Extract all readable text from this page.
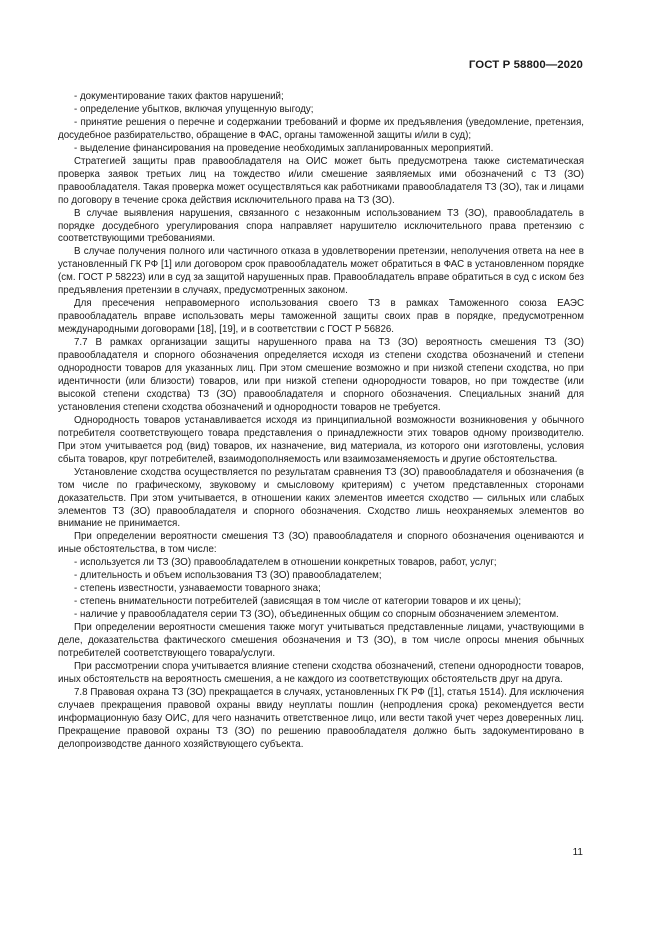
ГОСТ Р 58800—2020

- документирование таких фактов нарушений;

- определение убытков, включая упущенную выгоду;

- принятие решения о перечне и содержании требований и форме их предъявления (уведомление, претензия, досудебное разбирательство, обращение в ФАС, органы таможенной защиты и/или в суд);

- выделение финансирования на проведение необходимых запланированных мероприятий.

Стратегией защиты прав правообладателя на ОИС может быть предусмотрена также систематическая проверка заявок третьих лиц на тождество и/или смешение заявляемых ими обозначений с ТЗ (ЗО) правообладателя. Такая проверка может осуществляться как работниками правообладателя ТЗ (ЗО), так и лицами по договору в течение срока действия исключительного права на ТЗ (ЗО).

В случае выявления нарушения, связанного с незаконным использованием ТЗ (ЗО), правообладатель в порядке досудебного урегулирования спора направляет нарушителю исключительного права претензию с соответствующими требованиями.

В случае получения полного или частичного отказа в удовлетворении претензии, неполучения ответа на нее в установленный ГК РФ [1] или договором срок правообладатель может обратиться в ФАС в установленном порядке (см. ГОСТ Р 58223) или в суд за защитой нарушенных прав. Правообладатель вправе обратиться в суд с иском без предъявления претензии в случаях, предусмотренных законом.

Для пресечения неправомерного использования своего ТЗ в рамках Таможенного союза ЕАЭС правообладатель вправе использовать меры таможенной защиты своих прав в порядке, предусмотренном международными договорами [18], [19], и в соответствии с ГОСТ Р 56826.

7.7 В рамках организации защиты нарушенного права на ТЗ (ЗО) вероятность смешения ТЗ (ЗО) правообладателя и спорного обозначения определяется исходя из степени сходства обозначений и степени однородности товаров для указанных лиц. При этом смешение возможно и при низкой степени сходства, но при идентичности (или близости) товаров, или при низкой степени однородности товаров, но при тождестве (или высокой степени сходства) ТЗ (ЗО) правообладателя и спорного обозначения. Специальных знаний для установления степени сходства обозначений и однородности товаров не требуется.

Однородность товаров устанавливается исходя из принципиальной возможности возникновения у обычного потребителя соответствующего товара представления о принадлежности этих товаров одному производителю. При этом учитывается род (вид) товаров, их назначение, вид материала, из которого они изготовлены, условия сбыта товаров, круг потребителей, взаимодополняемость или взаимозаменяемость и другие обстоятельства.

Установление сходства осуществляется по результатам сравнения ТЗ (ЗО) правообладателя и обозначения (в том числе по графическому, звуковому и смысловому критериям) с учетом представленных сторонами доказательств. При этом учитывается, в отношении каких элементов имеется сходство — сильных или слабых элементов ТЗ (ЗО) правообладателя и спорного обозначения. Сходство лишь неохраняемых элементов во внимание не принимается.

При определении вероятности смешения ТЗ (ЗО) правообладателя и спорного обозначения оцениваются и иные обстоятельства, в том числе:

- используется ли ТЗ (ЗО) правообладателем в отношении конкретных товаров, работ, услуг;

- длительность и объем использования ТЗ (ЗО) правообладателем;

- степень известности, узнаваемости товарного знака;

- степень внимательности потребителей (зависящая в том числе от категории товаров и их цены);

- наличие у правообладателя серии ТЗ (ЗО), объединенных общим со спорным обозначением элементом.

При определении вероятности смешения также могут учитываться представленные лицами, участвующими в деле, доказательства фактического смешения обозначения и ТЗ (ЗО), в том числе опросы мнения обычных потребителей соответствующего товара/услуги.

При рассмотрении спора учитывается влияние степени сходства обозначений, степени однородности товаров, иных обстоятельств на вероятность смешения, а не каждого из соответствующих обстоятельств друг на друга.

7.8 Правовая охрана ТЗ (ЗО) прекращается в случаях, установленных ГК РФ ([1], статья 1514). Для исключения случаев прекращения правовой охраны ввиду неуплаты пошлин (непродления срока) рекомендуется вести информационную базу ОИС, для чего назначить ответственное лицо, или вести такой учет через доверенных лиц. Прекращение правовой охраны ТЗ (ЗО) по решению правообладателя должно быть задокументировано в делопроизводстве данного хозяйствующего субъекта.

11
